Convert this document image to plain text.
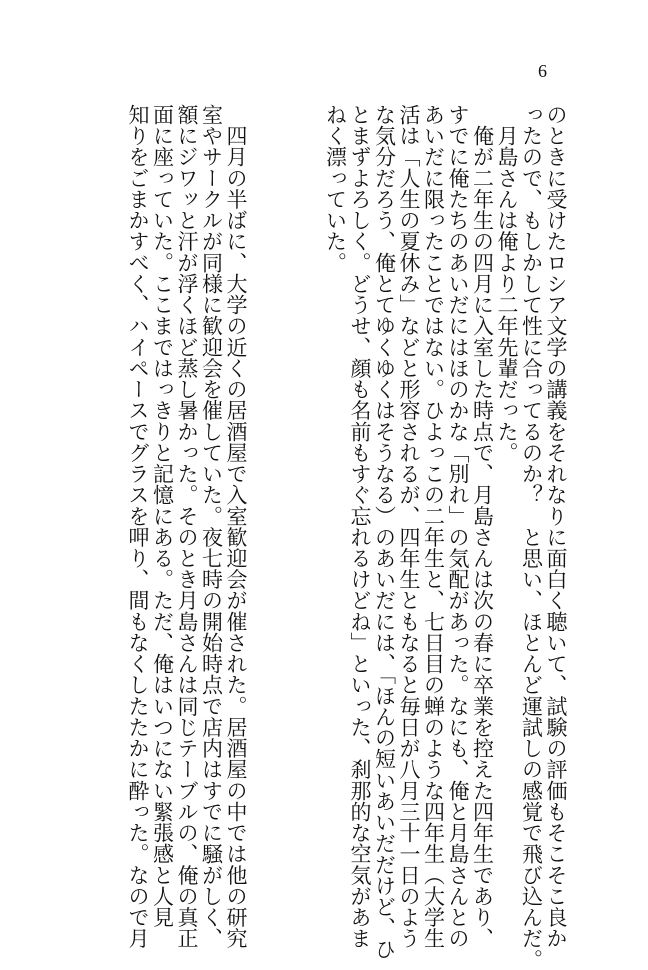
6
のときに受けたロシア文学の講義をそれなりに面白く聴いて、試験の評価もそこそこ良か
ったので、もしかして性に合ってるのか？　と思い、ほとんど運試しの感覚で飛び込んだ。
　月島さんは俺より二年先輩だった。
　俺が二年生の四月に入室した時点で、月島さんは次の春に卒業を控えた四年生であり、
すでに俺たちのあいだにはほのかな「別れ」の気配があった。なにも、俺と月島さんとの
あいだに限ったことではない。ひよっこの二年生と、七日目の蝉のような四年生（大学生
活は「人生の夏休み」などと形容されるが、四年生ともなると毎日が八月三十一日のよう
な気分だろう、俺とてゆくゆくはそうなる）のあいだには、「ほんの短いあいだだけど、ひ
とまずよろしく。どうせ、顔も名前もすぐ忘れるけどね」といった、刹那的な空気があま
ねく漂っていた。
　四月の半ばに、大学の近くの居酒屋で入室歓迎会が催された。居酒屋の中では他の研究
室やサークルが同様に歓迎会を催していた。夜七時の開始時点で店内はすでに騒がしく、
額にジワッと汗が浮くほど蒸し暑かった。そのとき月島さんは同じテーブルの、俺の真正
面に座っていた。ここまではっきりと記憶にある。ただ、俺はいつにない緊張感と人見
知りをごまかすべく、ハイペースでグラスを呷り、間もなくしたたかに酔った。なので月
